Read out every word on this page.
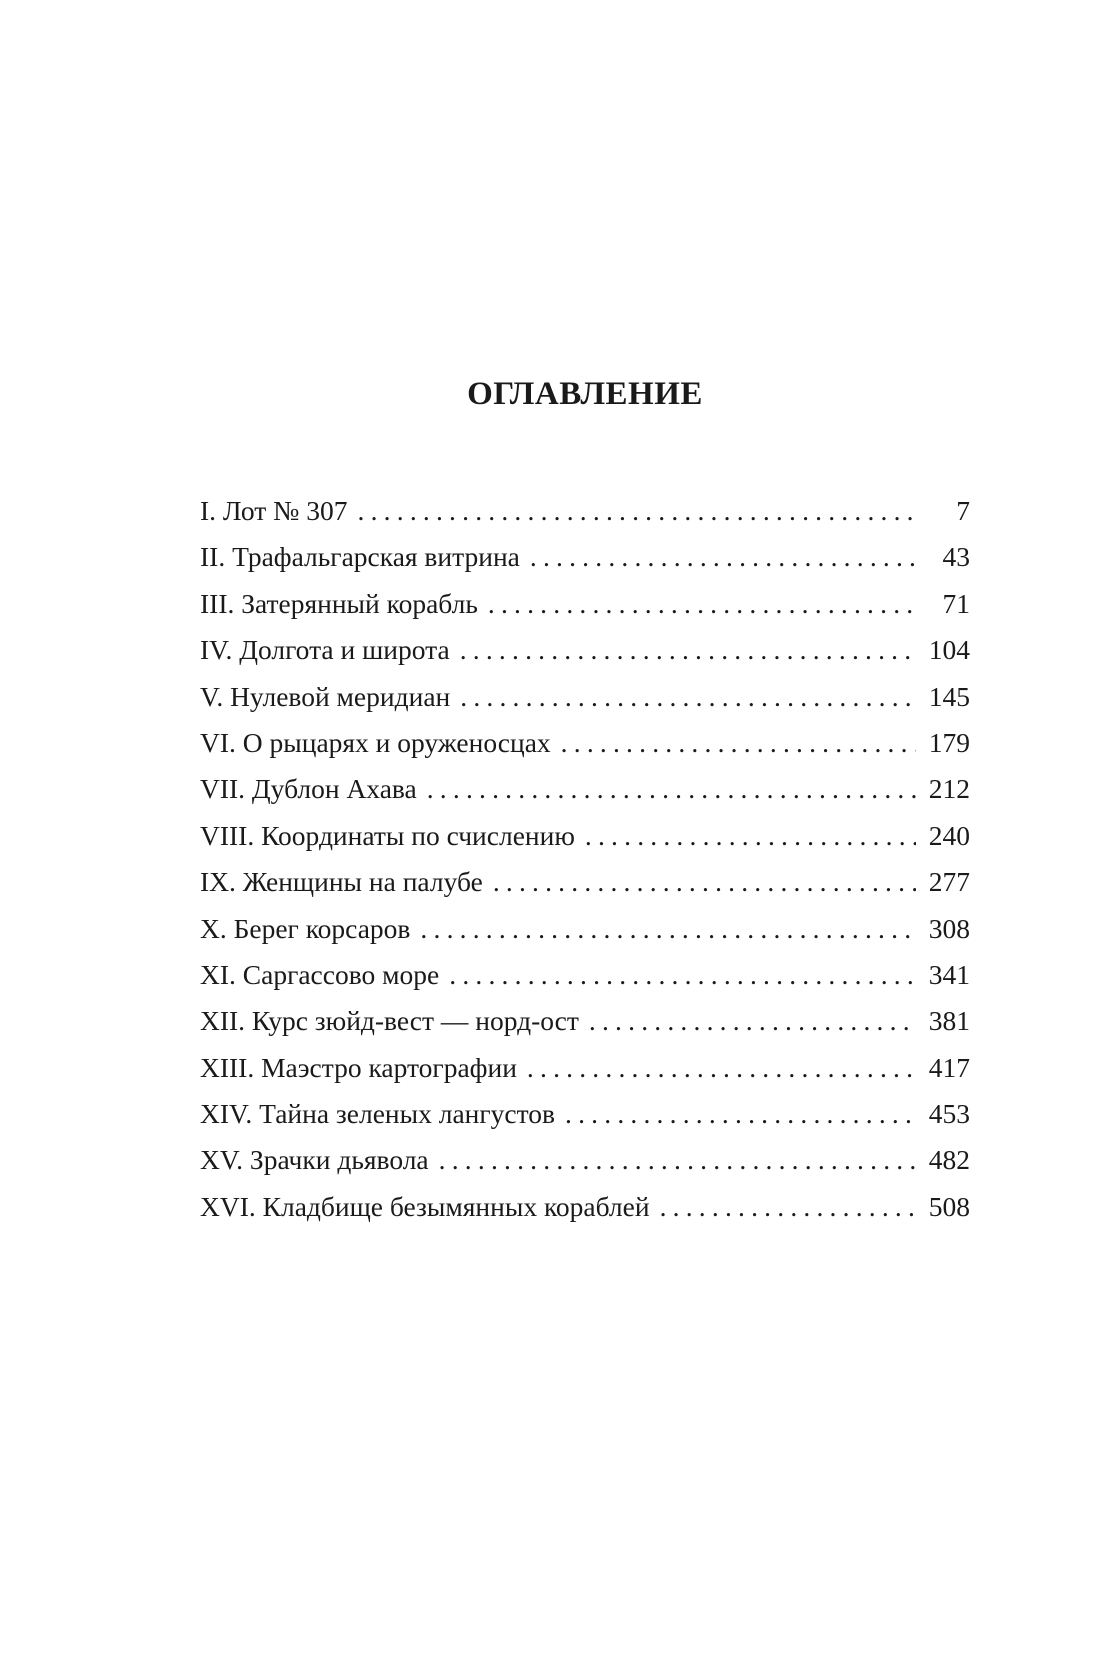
ОГЛАВЛЕНИЕ
I. Лот № 307 .....	7
II. Трафальгарская витрина .....	43
III. Затерянный корабль .....	71
IV. Долгота и широта .....	104
V. Нулевой меридиан .....	145
VI. О рыцарях и оруженосцах .....	179
VII. Дублон Ахава .....	212
VIII. Координаты по счислению .....	240
IX. Женщины на палубе .....	277
X. Берег корсаров .....	308
XI. Саргассово море .....	341
XII. Курс зюйд-вест — норд-ост .....	381
XIII. Маэстро картографии .....	417
XIV. Тайна зеленых лангустов .....	453
XV. Зрачки дьявола .....	482
XVI. Кладбище безымянных кораблей .....	508
